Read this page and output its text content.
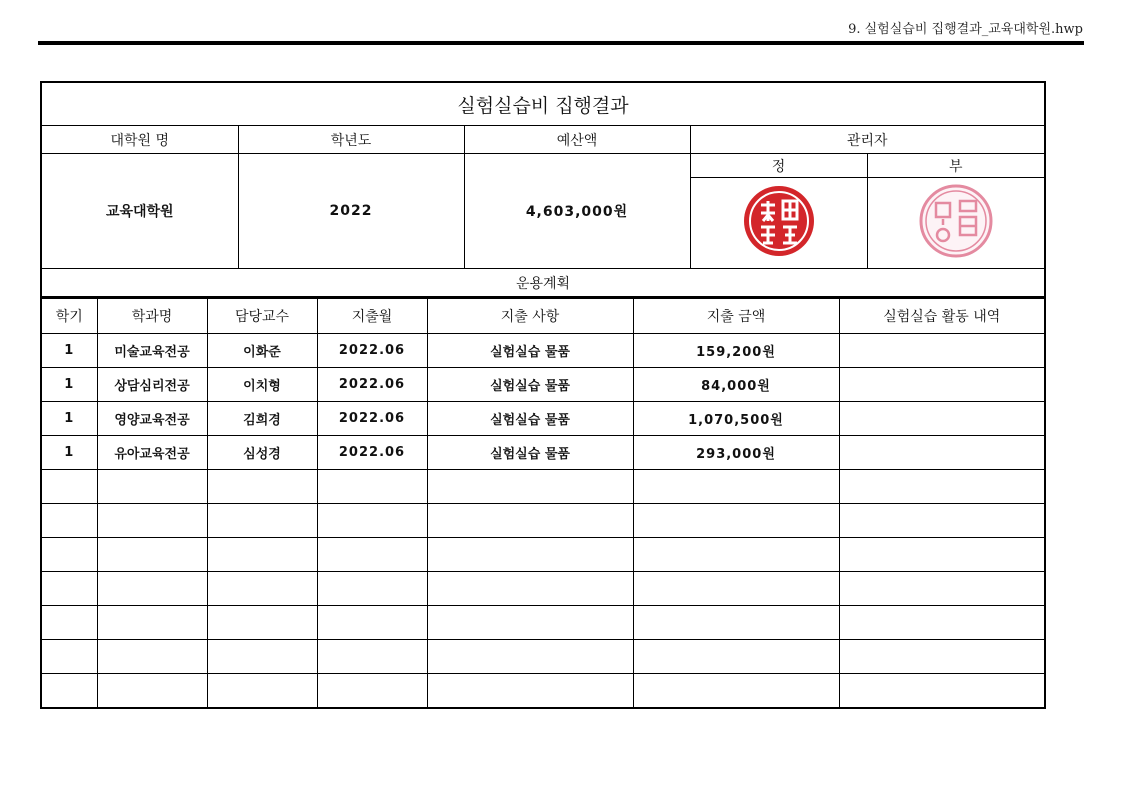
9. 실험실습비 집행결과_교육대학원.hwp
실험실습비 집행결과				
대학원 명	학년도	예산액	관리자	
교육대학원	2022	4,603,000원	정	부

운용계획				
학기	학과명	담당교수	지출월	지출 사항	지출 금액	실험실습 활동 내역
1	미술교육전공	이화준	2022.06	실험실습 물품	159,200원	
1	상담심리전공	이치형	2022.06	실험실습 물품	84,000원	
1	영양교육전공	김희경	2022.06	실험실습 물품	1,070,500원	
1	유아교육전공	심성경	2022.06	실험실습 물품	293,000원	
